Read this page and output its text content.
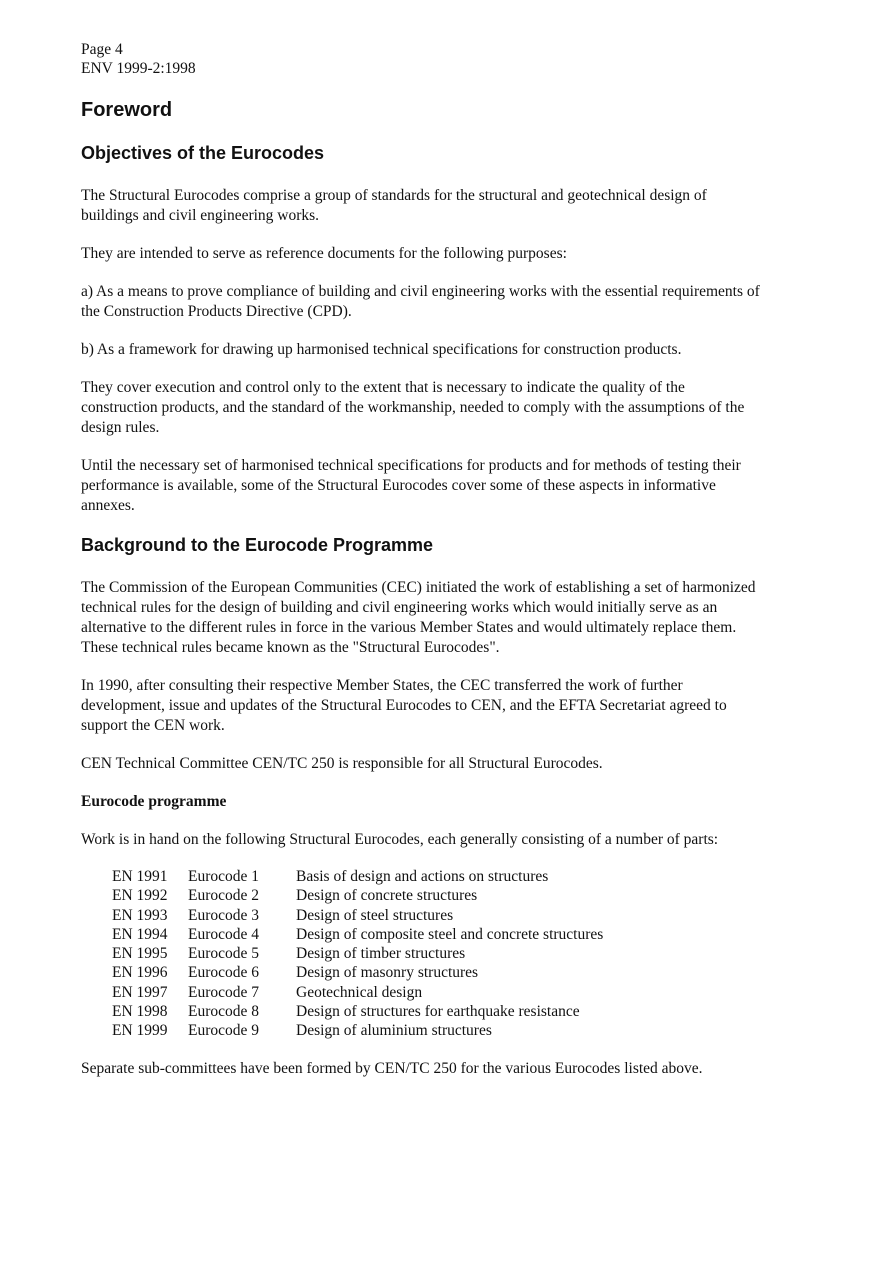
Page 4

ENV 1999-2:1998

Foreword
Objectives of the Eurocodes

The Structural Eurocodes comprise a group of standards for the structural and geotechnical design of buildings and civil engineering works.

They are intended to serve as reference documents for the following purposes:

a) As a means to prove compliance of building and civil engineering works with the essential requirements of the Construction Products Directive (CPD).

b) As a framework for drawing up harmonised technical specifications for construction products.

They cover execution and control only to the extent that is necessary to indicate the quality of the construction products, and the standard of the workmanship, needed to comply with the assumptions of the design rules.

Until the necessary set of harmonised technical specifications for products and for methods of testing their performance is available, some of the Structural Eurocodes cover some of these aspects in informative annexes.

Background to the Eurocode Programme

The Commission of the European Communities (CEC) initiated the work of establishing a set of harmonized technical rules for the design of building and civil engineering works which would initially serve as an alternative to the different rules in force in the various Member States and would ultimately replace them. These technical rules became known as the "Structural Eurocodes".

In 1990, after consulting their respective Member States, the CEC transferred the work of further development, issue and updates of the Structural Eurocodes to CEN, and the EFTA Secretariat agreed to support the CEN work.

CEN Technical Committee CEN/TC 250 is responsible for all Structural Eurocodes.

Eurocode programme

Work is in hand on the following Structural Eurocodes, each generally consisting of a number of parts:

EN 1991	Eurocode 1	Basis of design and actions on structures
EN 1992	Eurocode 2	Design of concrete structures
EN 1993	Eurocode 3	Design of steel structures
EN 1994	Eurocode 4	Design of composite steel and concrete structures
EN 1995	Eurocode 5	Design of timber structures
EN 1996	Eurocode 6	Design of masonry structures
EN 1997	Eurocode 7	Geotechnical design
EN 1998	Eurocode 8	Design of structures for earthquake resistance
EN 1999	Eurocode 9	Design of aluminium structures

Separate sub-committees have been formed by CEN/TC 250 for the various Eurocodes listed above.
